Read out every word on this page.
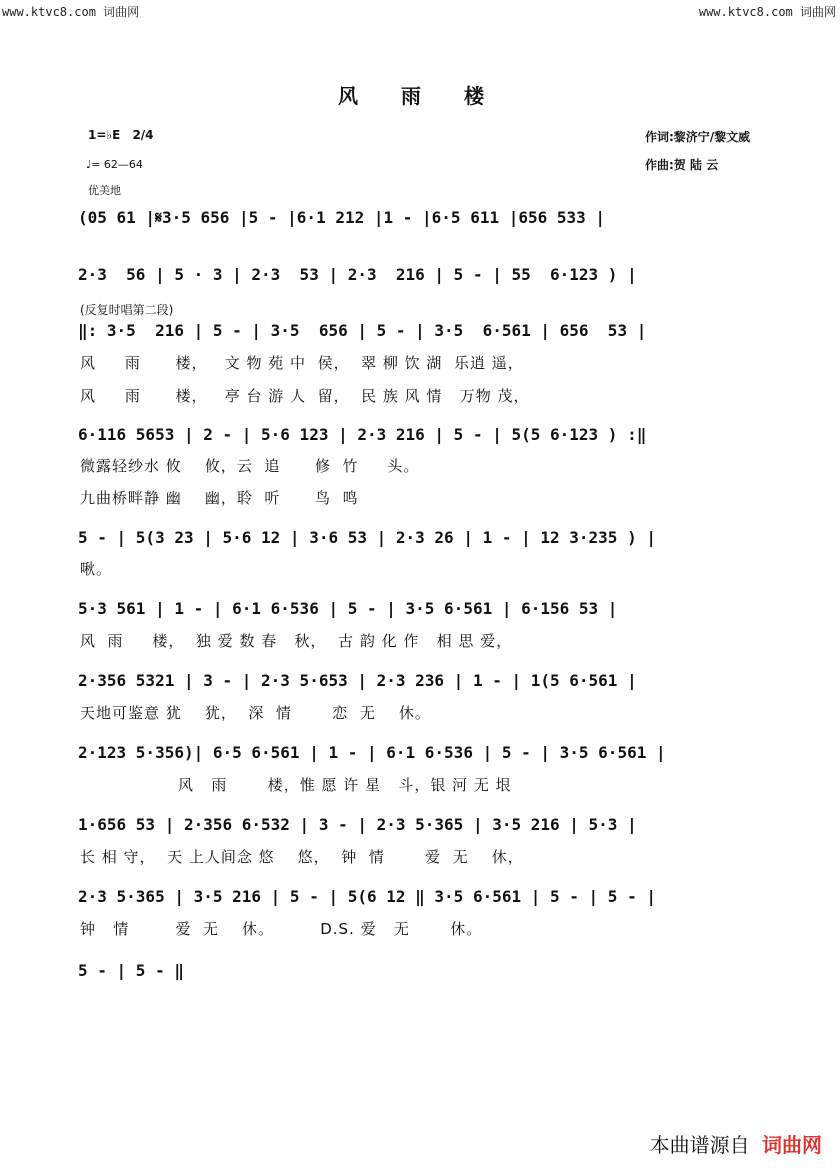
www.ktvc8.com 词曲网	www.ktvc8.com 词曲网
风 雨 楼
1=♭E 2/4
♩= 62—64
优美地
作词:黎济宁/黎文威
作曲:贺 陆 云
(05 61 |𝄋3·5 656 |5 - |6·1 212 |1 - |6·5 611 |656 533 |
2·3  56 | 5 · 3 | 2·3  53 | 2·3  216 | 5 - | 55  6·123 ) |
(反复时唱第二段)
‖: 3·5  216 | 5 - | 3·5  656 | 5 - | 3·5  6·561 | 656  53 |
风     雨      楼，   文 物 苑 中  侯，  翠 柳 饮 湖  乐逍 遥，
风     雨      楼，   亭 台 游 人  留，  民 族 风 情   万物 茂，
6·116 5653 | 2 - | 5·6 123 | 2·3 216 | 5 - | 5(5 6·123 ) :‖
微露轻纱水 攸    攸，云  追      修  竹     头。
九曲桥畔静 幽    幽，聆  听      鸟  鸣
5 - | 5(3 23 | 5·6 12 | 3·6 53 | 2·3 26 | 1 - | 12 3·235 ) |
啾。
5·3 561 | 1 - | 6·1 6·536 | 5 - | 3·5 6·561 | 6·156 53 |
风  雨     楼，  独 爱 数 春   秋，  古 韵 化 作   相 思 爱，
2·356 5321 | 3 - | 2·3 5·653 | 2·3 236 | 1 - | 1(5 6·561 |
天地可鉴意 犹    犹，  深  情       恋  无    休。
2·123 5·356)| 6·5 6·561 | 1 - | 6·1 6·536 | 5 - | 3·5 6·561 |
风   雨       楼，惟 愿 许 星   斗，银 河 无 垠
1·656 53 | 2·356 6·532 | 3 - | 2·3 5·365 | 3·5 216 | 5·3 |
长 相 守，  天 上人间念 悠    悠，  钟  情       爱  无    休，
2·3 5·365 | 3·5 216 | 5 - | 5(6 12 ‖ 3·5 6·561 | 5 - | 5 - |
钟   情        爱  无    休。        D.S. 爱   无       休。
5 - | 5 - ‖
本曲谱源自 词曲网
